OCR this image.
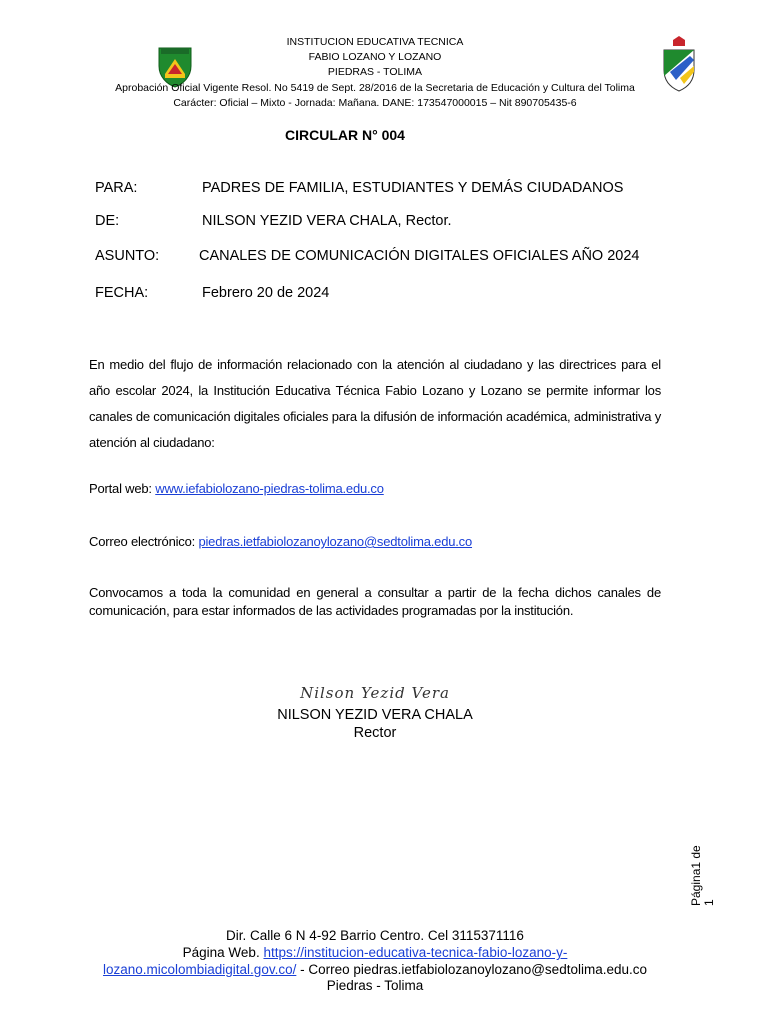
INSTITUCION EDUCATIVA TECNICA
FABIO LOZANO Y LOZANO
PIEDRAS - TOLIMA
Aprobación Oficial Vigente Resol. No 5419 de Sept. 28/2016 de la Secretaria de Educación y Cultura del Tolima
Carácter: Oficial – Mixto - Jornada: Mañana. DANE: 173547000015 – Nit 890705435-6
CIRCULAR N° 004
PARA:	PADRES DE FAMILIA, ESTUDIANTES Y DEMÁS CIUDADANOS
DE:	NILSON YEZID VERA CHALA, Rector.
ASUNTO:	CANALES DE COMUNICACIÓN DIGITALES OFICIALES AÑO 2024
FECHA:	Febrero 20 de 2024
En medio del flujo de información relacionado con la atención al ciudadano y las directrices para el año escolar 2024, la Institución Educativa Técnica Fabio Lozano y Lozano se permite informar los canales de comunicación digitales oficiales para la difusión de información académica, administrativa y atención al ciudadano:
Portal web: www.iefabiolozano-piedras-tolima.edu.co
Correo electrónico: piedras.ietfabiolozanoylozano@sedtolima.edu.co
Convocamos a toda la comunidad en general a consultar a partir de la fecha dichos canales de comunicación, para estar informados de las actividades programadas por la institución.
Nilson Yezid Vera
NILSON YEZID VERA CHALA
Rector
Página1 de 1
Dir. Calle 6 N 4-92 Barrio Centro. Cel 3115371116
Página Web. https://institucion-educativa-tecnica-fabio-lozano-y-
lozano.micolombiadigital.gov.co/ - Correo piedras.ietfabiolozanoylozano@sedtolima.edu.co
Piedras - Tolima
